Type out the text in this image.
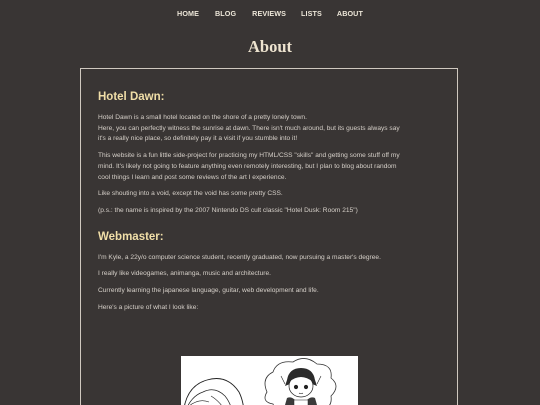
HOME BLOG REVIEWS LISTS ABOUT
About
Hotel Dawn:
Hotel Dawn is a small hotel located on the shore of a pretty lonely town.
Here, you can perfectly witness the sunrise at dawn. There isn't much around, but its guests always say
it's a really nice place, so definitely pay it a visit if you stumble into it!
This website is a fun little side-project for practicing my HTML/CSS "skills" and getting some stuff off my
mind. It's likely not going to feature anything even remotely interesting, but I plan to blog about random
cool things I learn and post some reviews of the art I experience.
Like shouting into a void, except the void has some pretty CSS.
(p.s.: the name is inspired by the 2007 Nintendo DS cult classic "Hotel Dusk: Room 215")
Webmaster:
I'm Kyle, a 22y/o computer science student, recently graduated, now pursuing a master's degree.
I really like videogames, animanga, music and architecture.
Currently learning the japanese language, guitar, web development and life.
Here's a picture of what I look like:
